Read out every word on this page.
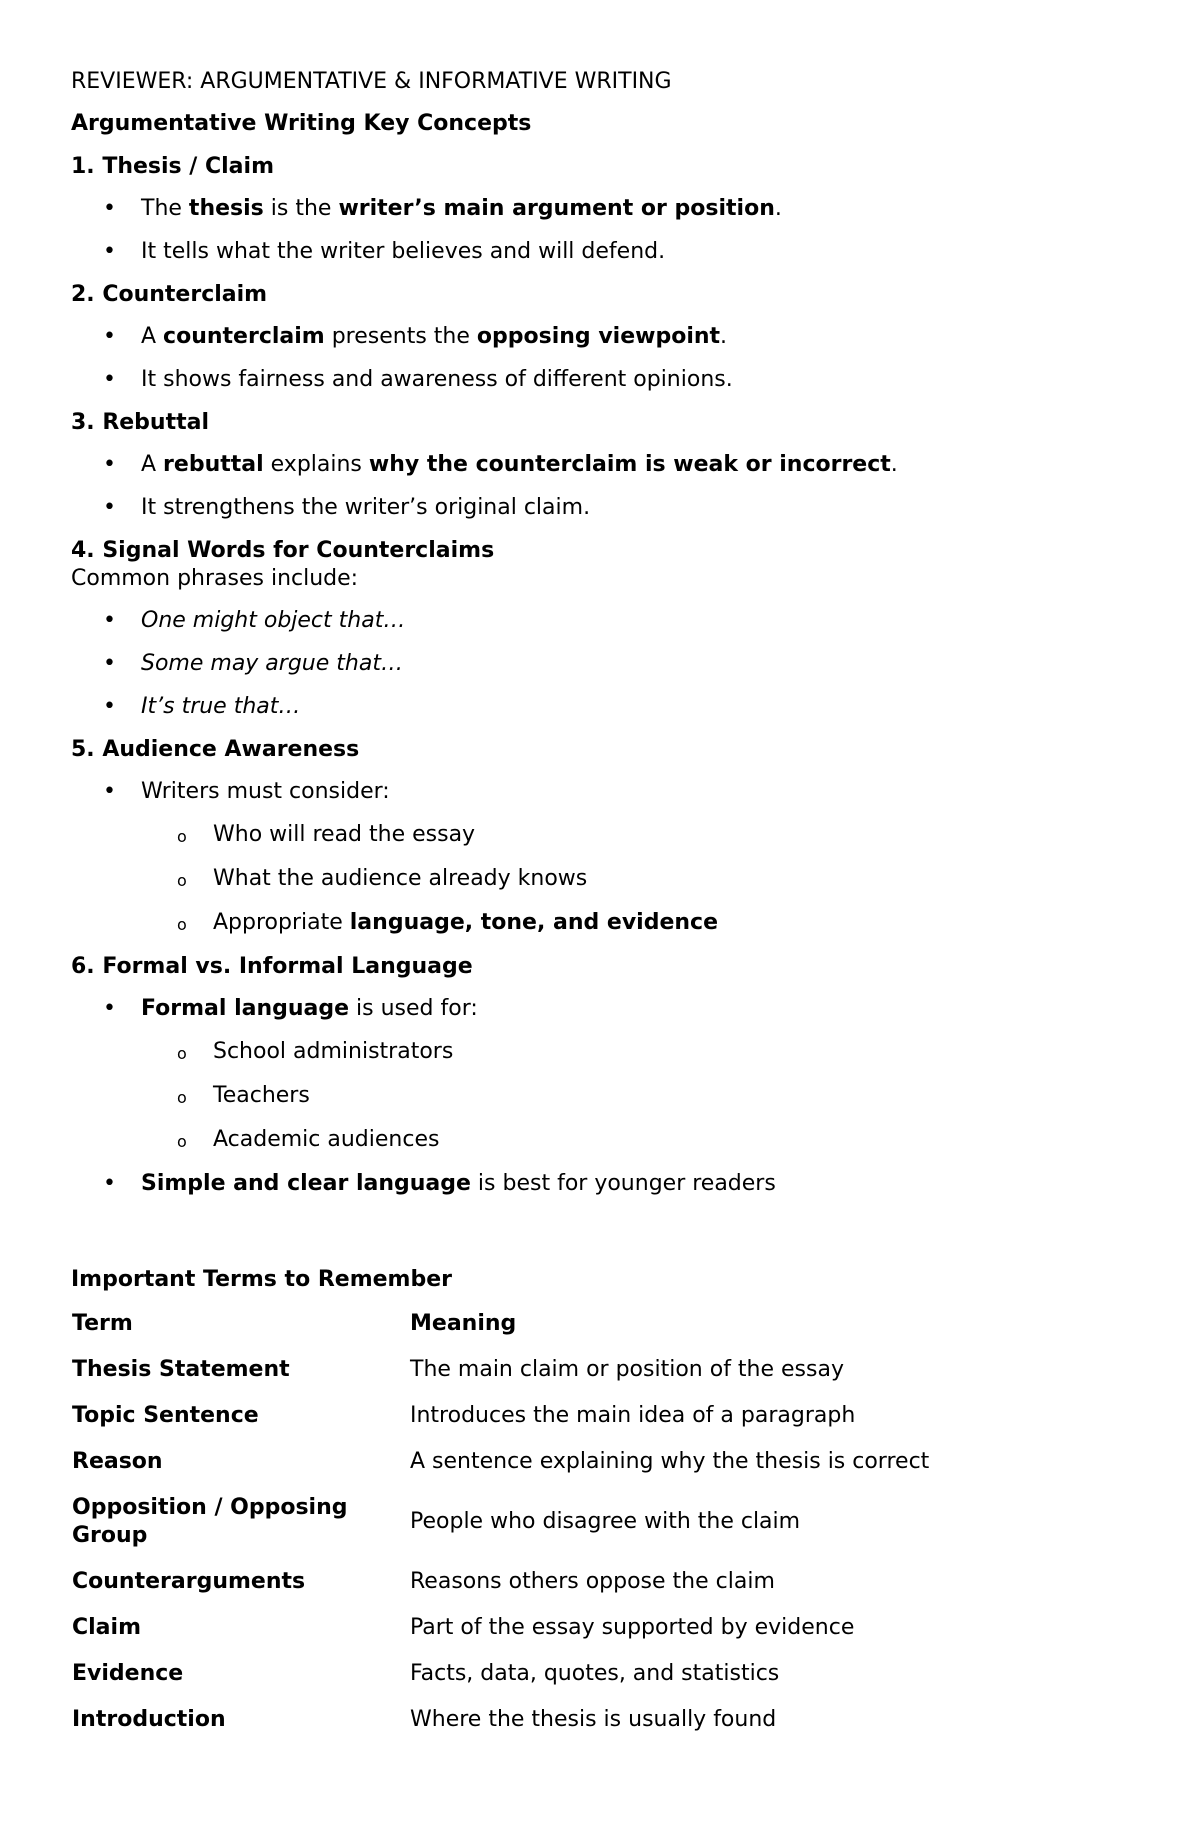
REVIEWER: ARGUMENTATIVE & INFORMATIVE WRITING
Argumentative Writing Key Concepts
1. Thesis / Claim
• The thesis is the writer’s main argument or position.
• It tells what the writer believes and will defend.
2. Counterclaim
• A counterclaim presents the opposing viewpoint.
• It shows fairness and awareness of different opinions.
3. Rebuttal
• A rebuttal explains why the counterclaim is weak or incorrect.
• It strengthens the writer’s original claim.
4. Signal Words for Counterclaims
Common phrases include:
• One might object that…
• Some may argue that…
• It’s true that…
5. Audience Awareness
• Writers must consider:
o Who will read the essay
o What the audience already knows
o Appropriate language, tone, and evidence
6. Formal vs. Informal Language
• Formal language is used for:
o School administrators
o Teachers
o Academic audiences
• Simple and clear language is best for younger readers
Important Terms to Remember
Term	Meaning
Thesis Statement	The main claim or position of the essay
Topic Sentence	Introduces the main idea of a paragraph
Reason	A sentence explaining why the thesis is correct

Opposition / Opposing
Group	People who disagree with the claim
Counterarguments	Reasons others oppose the claim
Claim	Part of the essay supported by evidence
Evidence	Facts, data, quotes, and statistics
Introduction	Where the thesis is usually found
